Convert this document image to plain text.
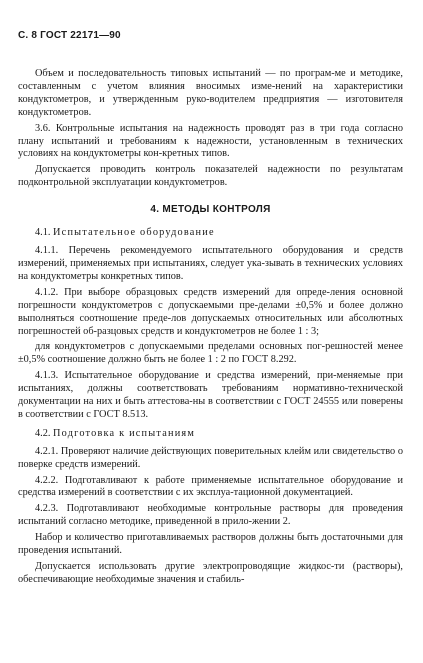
С. 8 ГОСТ 22171—90

Объем и последовательность типовых испытаний — по програм-ме и методике, составленным с учетом влияния вносимых изме-нений на характеристики кондуктометров, и утвержденным руко-водителем предприятия — изготовителя кондуктометров.

3.6. Контрольные испытания на надежность проводят раз в три года согласно плану испытаний и требованиям к надежности, установленным в технических условиях на кондуктометры кон-кретных типов.

Допускается проводить контроль показателей надежности по результатам подконтрольной эксплуатации кондуктометров.

4. МЕТОДЫ КОНТРОЛЯ
4.1. Испытательное оборудование

4.1.1. Перечень рекомендуемого испытательного оборудования и средств измерений, применяемых при испытаниях, следует ука-зывать в технических условиях на кондуктометры конкретных типов.

4.1.2. При выборе образцовых средств измерений для опреде-ления основной погрешности кондуктометров с допускаемыми пре-делами ±0,5% и более должно выполняться соотношение преде-лов допускаемых относительных или абсолютных погрешностей об-разцовых средств и кондуктометров не более 1 : 3;

для кондуктометров с допускаемыми пределами основных пог-решностей менее ±0,5% соотношение должно быть не более 1 : 2 по ГОСТ 8.292.

4.1.3. Испытательное оборудование и средства измерений, при-меняемые при испытаниях, должны соответствовать требованиям нормативно-технической документации на них и быть аттестова-ны в соответствии с ГОСТ 24555 или поверены в соответствии с ГОСТ 8.513.

4.2. Подготовка к испытаниям

4.2.1. Проверяют наличие действующих поверительных клейм или свидетельство о поверке средств измерений.

4.2.2. Подготавливают к работе применяемые испытательное оборудование и средства измерений в соответствии с их эксплуа-тационной документацией.

4.2.3. Подготавливают необходимые контрольные растворы для проведения испытаний согласно методике, приведенной в прило-жении 2.

Набор и количество приготавливаемых растворов должны быть достаточными для проведения испытаний.

Допускается использовать другие электропроводящие жидкос-ти (растворы), обеспечивающие необходимые значения и стабиль-
